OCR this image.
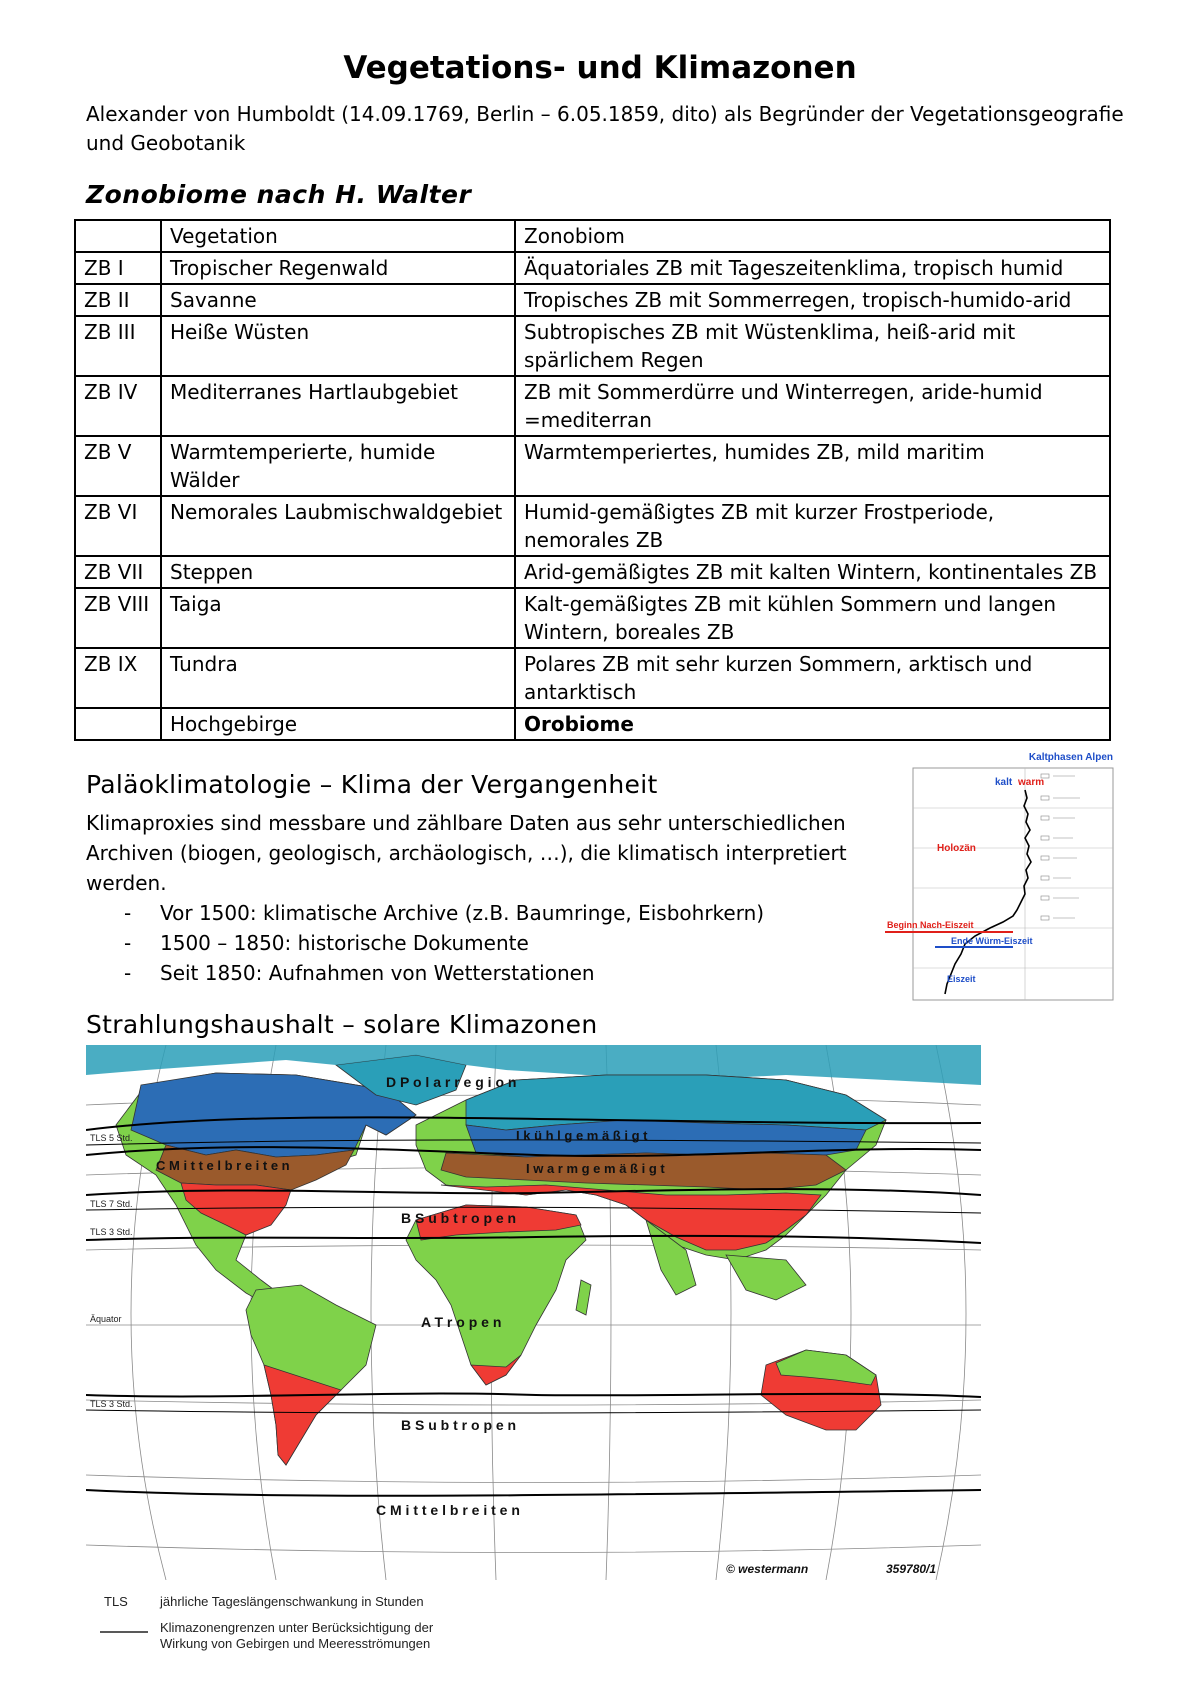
Vegetations- und Klimazonen
Alexander von Humboldt (14.09.1769, Berlin – 6.05.1859, dito) als Begründer der Vegetationsgeografie und Geobotanik
Zonobiome nach H. Walter
	Vegetation	Zonobiom
ZB I	Tropischer Regenwald	Äquatoriales ZB mit Tageszeitenklima, tropisch humid
ZB II	Savanne	Tropisches ZB mit Sommerregen, tropisch-humido-arid
ZB III	Heiße Wüsten	Subtropisches ZB mit Wüstenklima, heiß-arid mit spärlichem Regen
ZB IV	Mediterranes Hartlaubgebiet	ZB mit Sommerdürre und Winterregen, aride-humid =mediterran
ZB V	Warmtemperierte, humide Wälder	Warmtemperiertes, humides ZB, mild maritim
ZB VI	Nemorales Laubmischwaldgebiet	Humid-gemäßigtes ZB mit kurzer Frostperiode, nemorales ZB
ZB VII	Steppen	Arid-gemäßigtes ZB mit kalten Wintern, kontinentales ZB
ZB VIII	Taiga	Kalt-gemäßigtes ZB mit kühlen Sommern und langen Wintern, boreales ZB
ZB IX	Tundra	Polares ZB mit sehr kurzen Sommern, arktisch und antarktisch
	Hochgebirge	Orobiome
Paläoklimatologie – Klima der Vergangenheit
Klimaproxies sind messbare und zählbare Daten aus sehr unterschiedlichen Archiven (biogen, geologisch, archäologisch, …), die klimatisch interpretiert werden.
- Vor 1500: klimatische Archive (z.B. Baumringe, Eisbohrkern)
- 1500 – 1850: historische Dokumente
- Seit 1850: Aufnahmen von Wetterstationen
Kaltphasen Alpen
kalt warm
Holozän
Beginn Nach-Eiszeit
Ende Würm-Eiszeit
Eiszeit
Strahlungshaushalt – solare Klimazonen
D P o l a r r e g i o n
I k ü h l g e m ä ß i g t
C M i t t e l b r e i t e n	I w a r m g e m ä ß i g t
B S u b t r o p e n
A T r o p e n
B S u b t r o p e n
C M i t t e l b r e i t e n
TLS 5 Std.
TLS 7 Std.
TLS 3 Std.
Äquator
TLS 3 Std.
© westermann	359780/1
TLS jährliche Tageslängenschwankung in Stunden
Klimazonengrenzen unter Berücksichtigung der
Wirkung von Gebirgen und Meeresströmungen
